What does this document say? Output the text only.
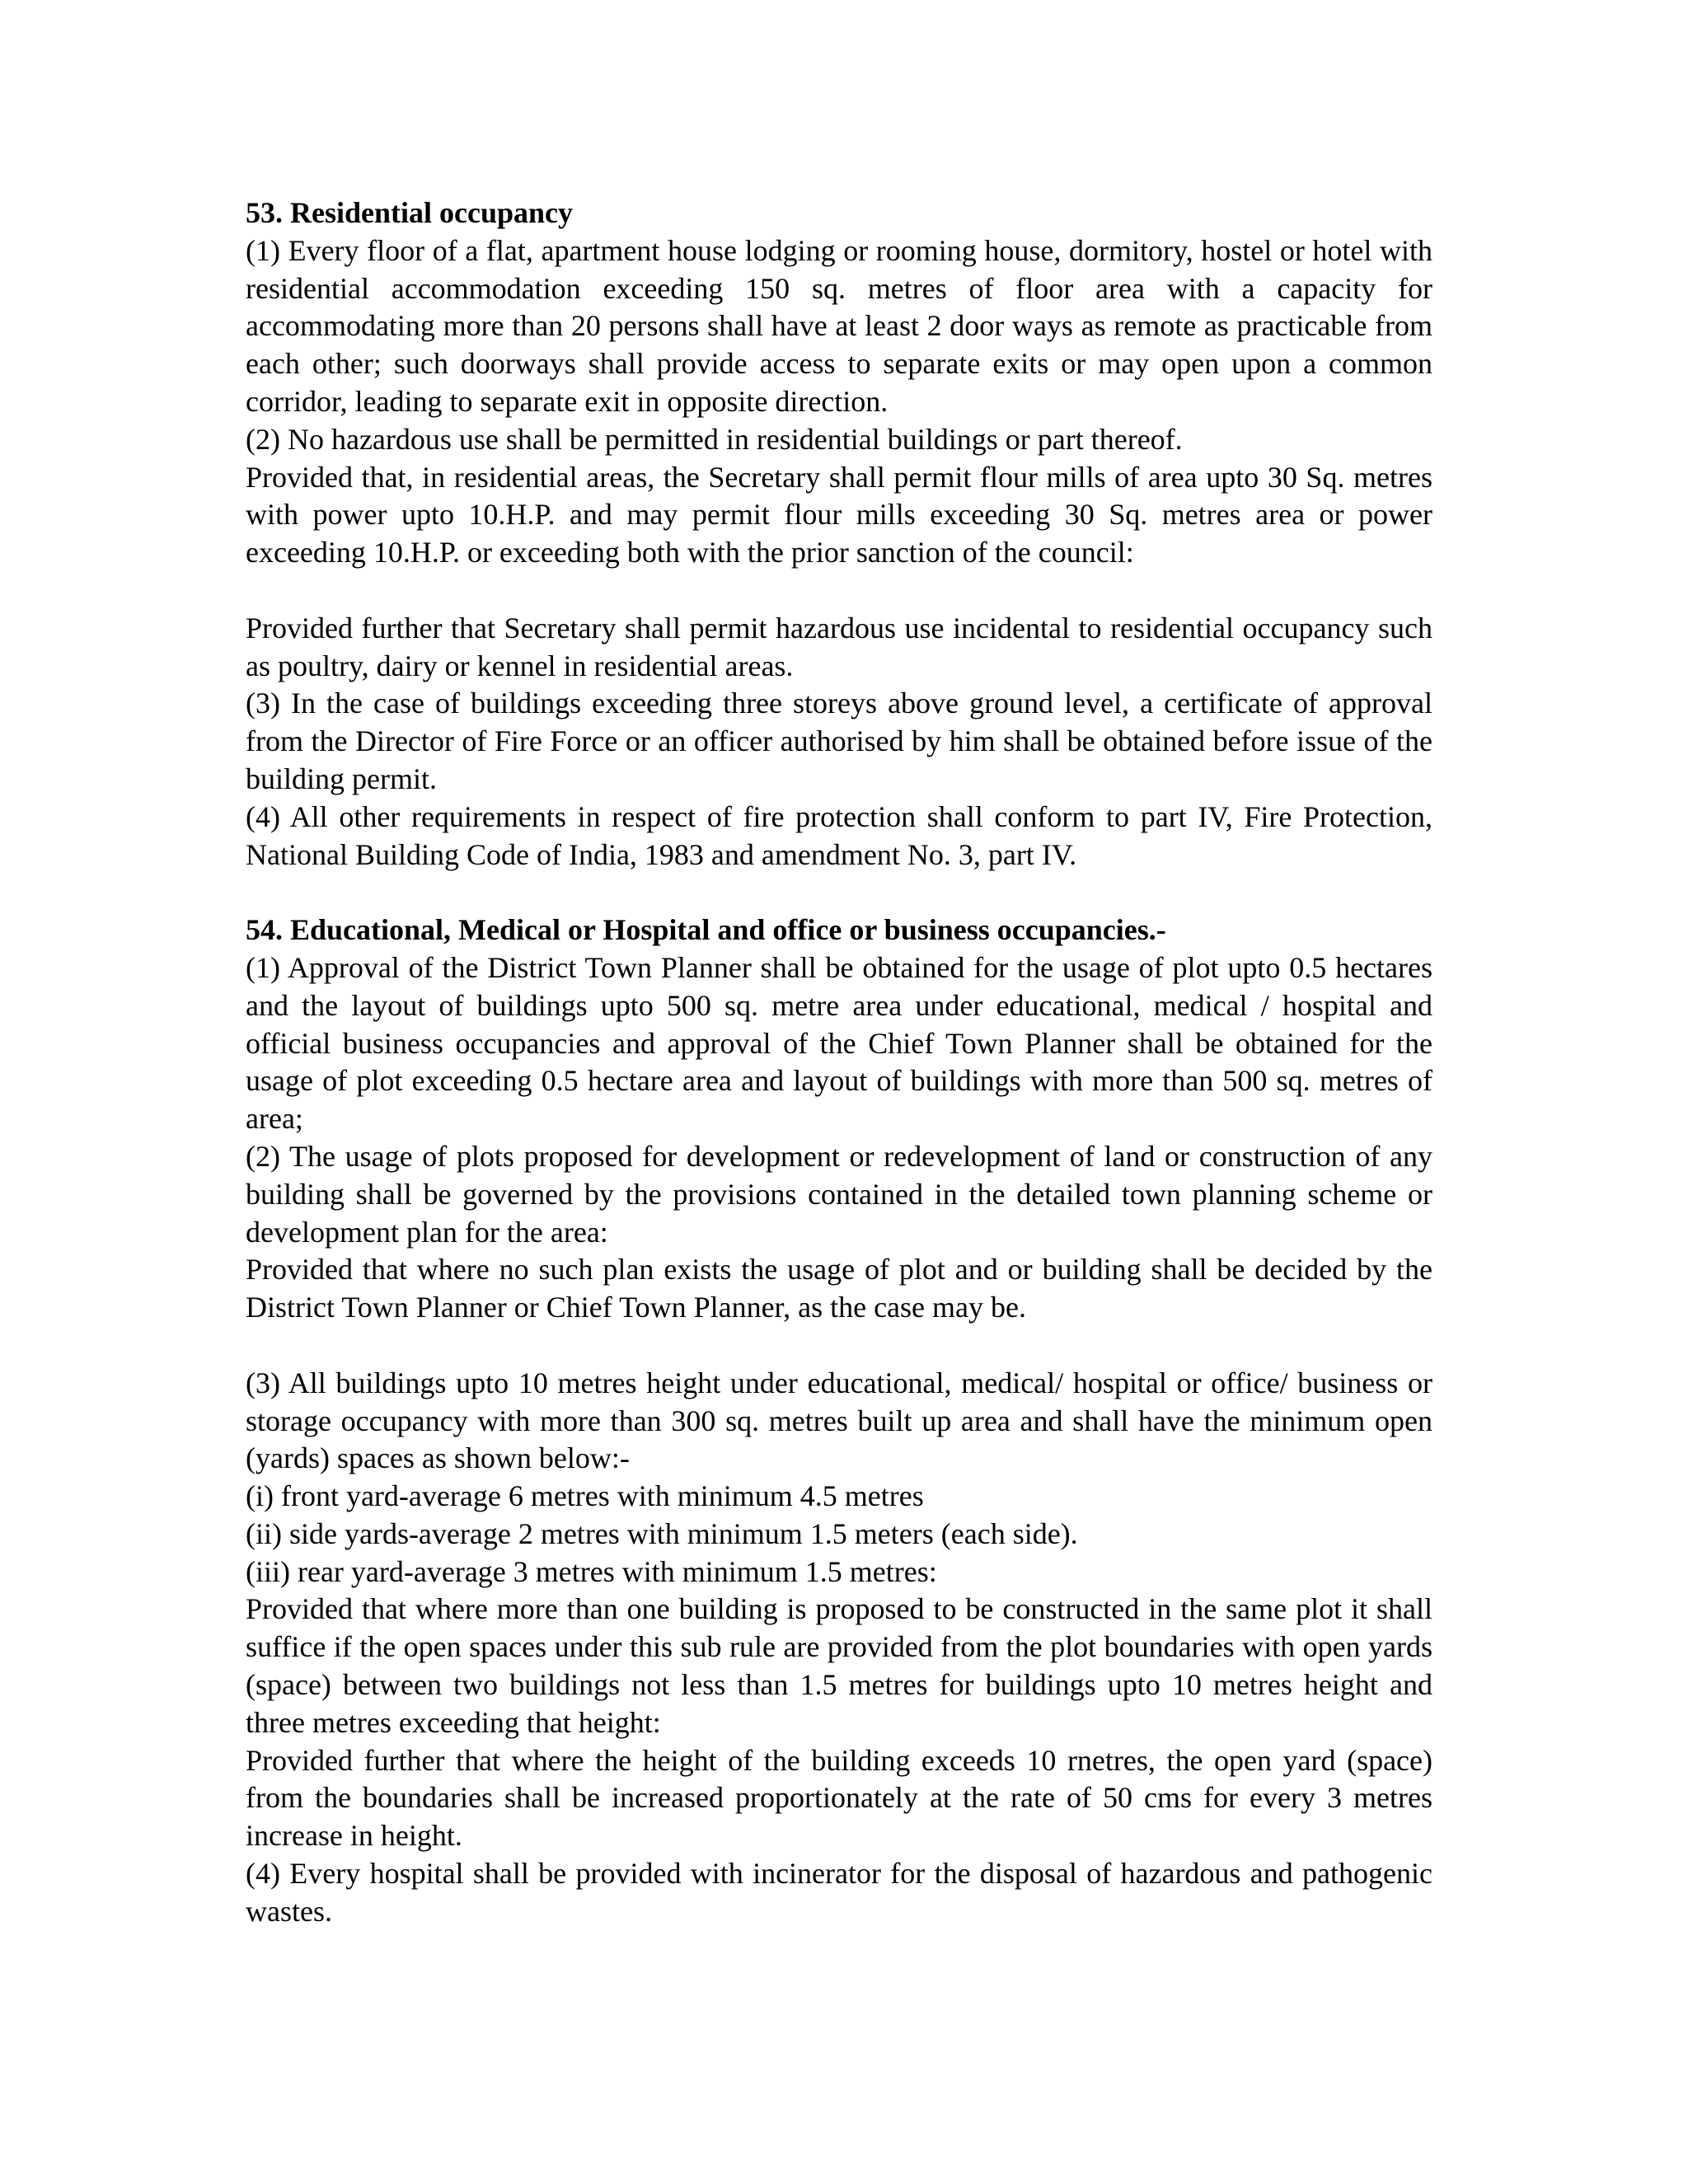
53. Residential occupancy

(1) Every floor of a flat, apartment house lodging or rooming house, dormitory, hostel or hotel with residential accommodation exceeding 150 sq. metres of floor area with a capacity for accommodating more than 20 persons shall have at least 2 door ways as remote as practicable from each other; such doorways shall provide access to separate exits or may open upon a common corridor, leading to separate exit in opposite direction.

(2) No hazardous use shall be permitted in residential buildings or part thereof.

Provided that, in residential areas, the Secretary shall permit flour mills of area upto 30 Sq. metres with power upto 10.H.P. and may permit flour mills exceeding 30 Sq. metres area or power exceeding 10.H.P. or exceeding both with the prior sanction of the council:

Provided further that Secretary shall permit hazardous use incidental to residential occupancy such as poultry, dairy or kennel in residential areas.

(3) In the case of buildings exceeding three storeys above ground level, a certificate of approval from the Director of Fire Force or an officer authorised by him shall be obtained before issue of the building permit.

(4) All other requirements in respect of fire protection shall conform to part IV, Fire Protection, National Building Code of India, 1983 and amendment No. 3, part IV.

54. Educational, Medical or Hospital and office or business occupancies.-

(1) Approval of the District Town Planner shall be obtained for the usage of plot upto 0.5 hectares and the layout of buildings upto 500 sq. metre area under educational, medical / hospital and official business occupancies and approval of the Chief Town Planner shall be obtained for the usage of plot exceeding 0.5 hectare area and layout of buildings with more than 500 sq. metres of area;

(2) The usage of plots proposed for development or redevelopment of land or construction of any building shall be governed by the provisions contained in the detailed town planning scheme or development plan for the area:

Provided that where no such plan exists the usage of plot and or building shall be decided by the District Town Planner or Chief Town Planner, as the case may be.

(3) All buildings upto 10 metres height under educational, medical/ hospital or office/ business or storage occupancy with more than 300 sq. metres built up area and shall have the minimum open (yards) spaces as shown below:-

(i) front yard-average 6 metres with minimum 4.5 metres

(ii) side yards-average 2 metres with minimum 1.5 meters (each side).

(iii) rear yard-average 3 metres with minimum 1.5 metres:

Provided that where more than one building is proposed to be constructed in the same plot it shall suffice if the open spaces under this sub rule are provided from the plot boundaries with open yards (space) between two buildings not less than 1.5 metres for buildings upto 10 metres height and three metres exceeding that height:

Provided further that where the height of the building exceeds 10 rnetres, the open yard (space) from the boundaries shall be increased proportionately at the rate of 50 cms for every 3 metres increase in height.

(4) Every hospital shall be provided with incinerator for the disposal of hazardous and pathogenic wastes.
